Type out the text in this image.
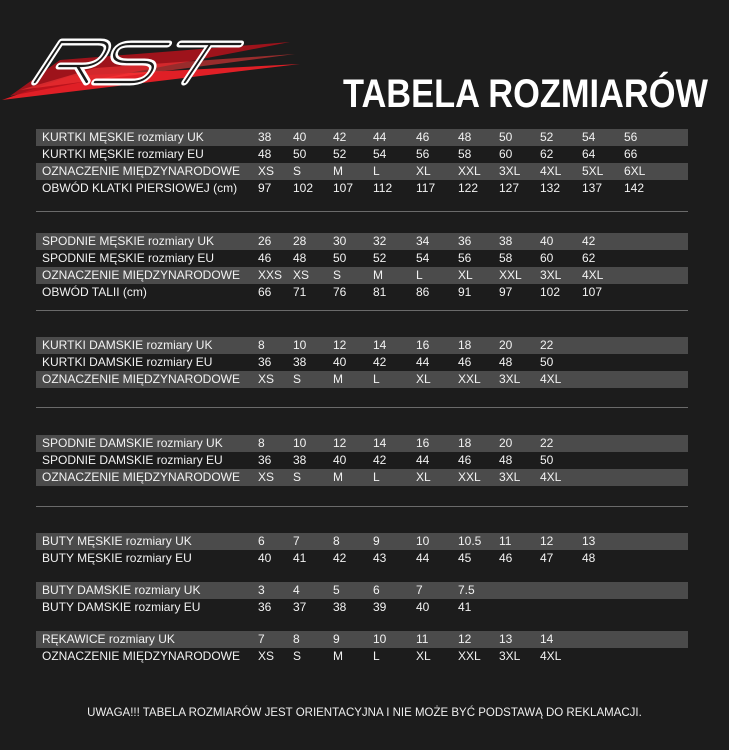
TABELA ROZMIARÓW
KURTKI MĘSKIE rozmiary UK	38 40 42 44 46 48 50 52 54 56
KURTKI MĘSKIE rozmiary EU	48 50 52 54 56 58 60 62 64 66
OZNACZENIE MIĘDZYNARODOWE XS S	M	L	XL XXL 3XL 4XL 5XL 6XL
OBWÓD KLATKI PIERSIOWEJ (cm) 97 102 107 112 117 122 127 132 137 142
SPODNIE MĘSKIE rozmiary UK	26 28 30 32 34 36 38 40 42
SPODNIE MĘSKIE rozmiary EU	46 48 50 52 54 56 58 60 62
OZNACZENIE MIĘDZYNARODOWE XXS XS S	M	L	XL XXL 3XL 4XL
OBWÓD TALII (cm)	66 71 76 81 86 91 97 102 107
KURTKI DAMSKIE rozmiary UK	8 10 12 14 16 18 20 22
KURTKI DAMSKIE rozmiary EU	36 38 40 42 44 46 48 50
OZNACZENIE MIĘDZYNARODOWE XS S	M	L	XL XXL 3XL 4XL
SPODNIE DAMSKIE rozmiary UK	8 10 12 14 16 18 20 22
SPODNIE DAMSKIE rozmiary EU	36 38 40 42 44 46 48 50
OZNACZENIE MIĘDZYNARODOWE XS S	M	L	XL XXL 3XL 4XL
BUTY MĘSKIE rozmiary UK	6 7	8	9	10 10.5 11 12 13
BUTY MĘSKIE rozmiary EU	40 41 42 43 44 45 46 47 48
BUTY DAMSKIE rozmiary UK	3 4	5	6	7	7.5
BUTY DAMSKIE rozmiary EU	36 37 38 39 40 41
RĘKAWICE rozmiary UK	7 8	9	10 11 12 13 14
OZNACZENIE MIĘDZYNARODOWE XS S	M	L	XL XXL 3XL 4XL
UWAGA!!! TABELA ROZMIARÓW JEST ORIENTACYJNA I NIE MOŻE BYĆ PODSTAWĄ DO REKLAMACJI.
